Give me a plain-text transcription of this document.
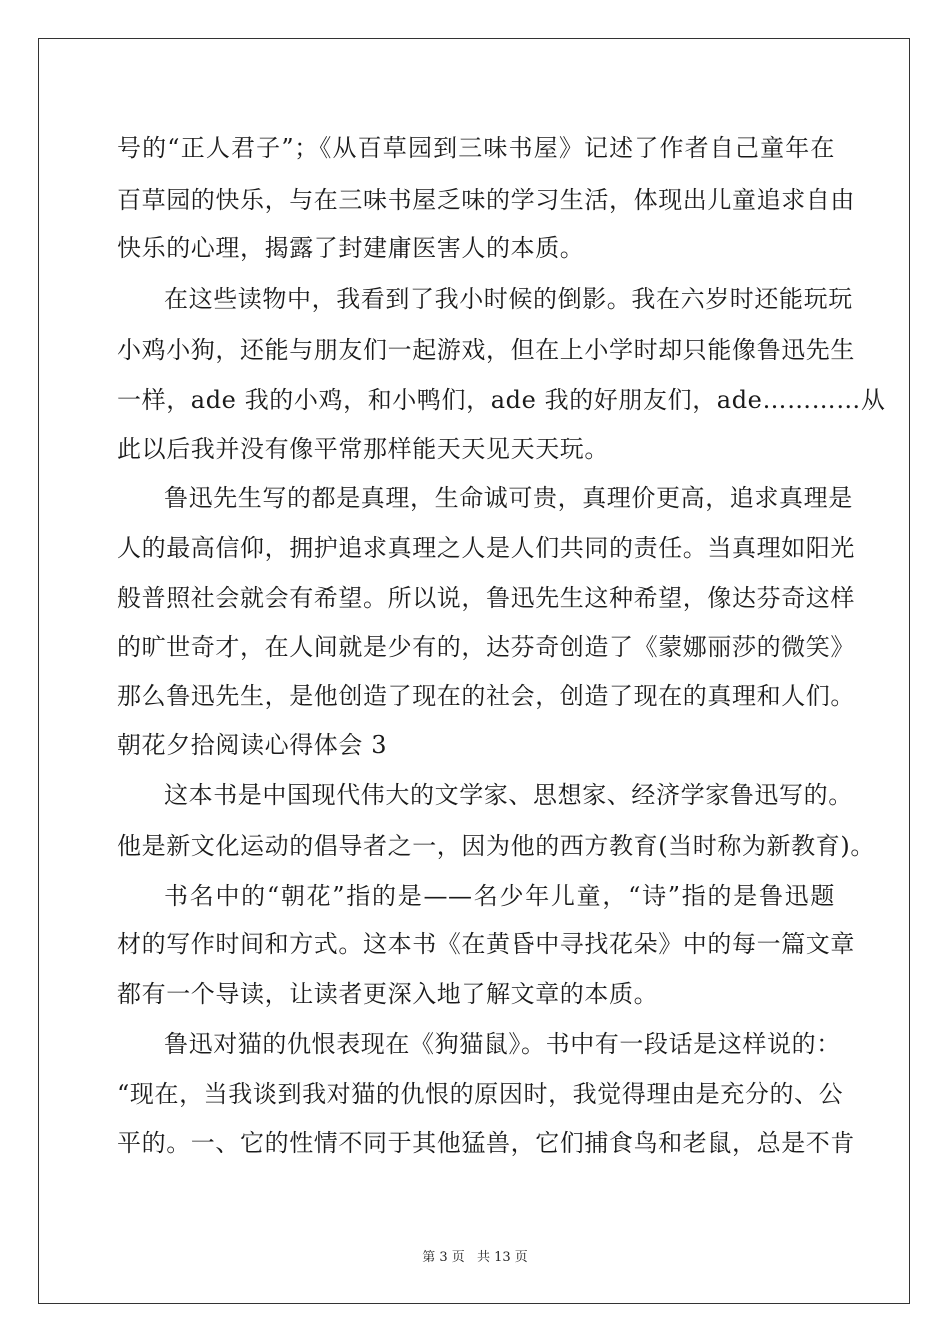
号的“正人君子”；《从百草园到三味书屋》记述了作者自己童年在
百草园的快乐，与在三味书屋乏味的学习生活，体现出儿童追求自由
快乐的心理，揭露了封建庸医害人的本质。
在这些读物中，我看到了我小时候的倒影。我在六岁时还能玩玩
小鸡小狗，还能与朋友们一起游戏，但在上小学时却只能像鲁迅先生
一样，ade 我的小鸡，和小鸭们，ade 我的好朋友们，ade…………从
此以后我并没有像平常那样能天天见天天玩。
鲁迅先生写的都是真理，生命诚可贵，真理价更高，追求真理是
人的最高信仰，拥护追求真理之人是人们共同的责任。当真理如阳光
般普照社会就会有希望。所以说，鲁迅先生这种希望，像达芬奇这样
的旷世奇才，在人间就是少有的，达芬奇创造了《蒙娜丽莎的微笑》
那么鲁迅先生，是他创造了现在的社会，创造了现在的真理和人们。
朝花夕拾阅读心得体会 3
这本书是中国现代伟大的文学家、思想家、经济学家鲁迅写的。
他是新文化运动的倡导者之一，因为他的西方教育(当时称为新教育)。
书名中的“朝花”指的是——名少年儿童，“诗”指的是鲁迅题
材的写作时间和方式。这本书《在黄昏中寻找花朵》中的每一篇文章
都有一个导读，让读者更深入地了解文章的本质。
鲁迅对猫的仇恨表现在《狗猫鼠》。书中有一段话是这样说的：
“现在，当我谈到我对猫的仇恨的原因时，我觉得理由是充分的、公
平的。一、它的性情不同于其他猛兽，它们捕食鸟和老鼠，总是不肯
第 3 页 共 13 页
